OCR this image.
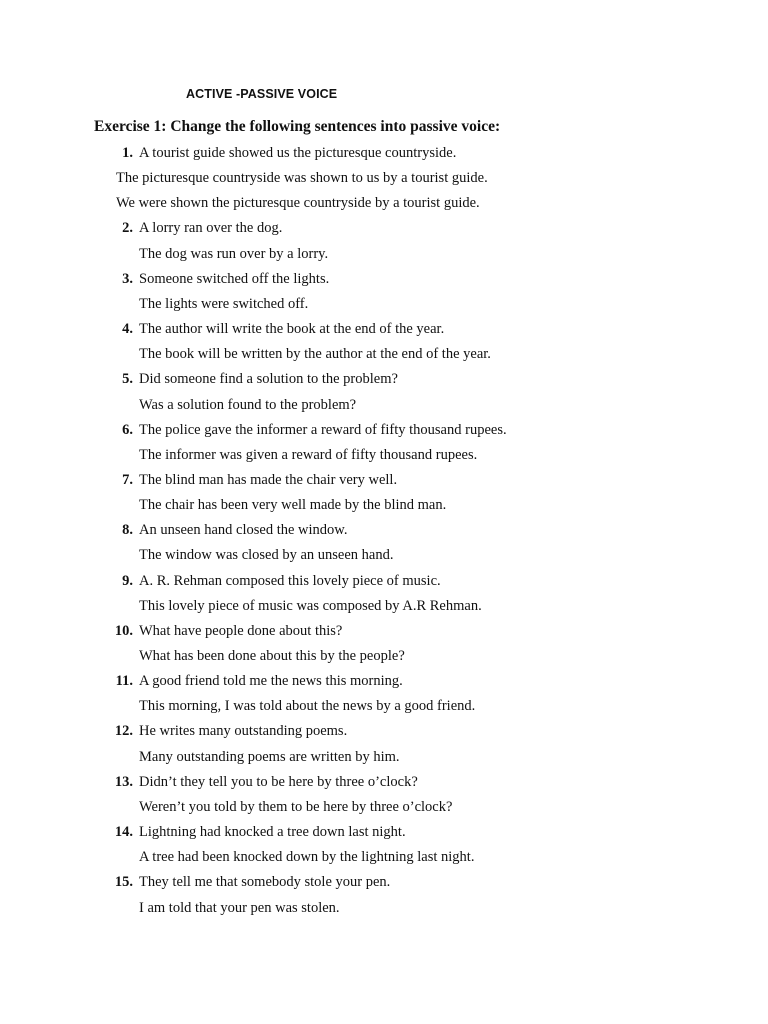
ACTIVE -PASSIVE VOICE
Exercise 1: Change the following sentences into passive voice:
1. A tourist guide showed us the picturesque countryside.
The picturesque countryside was shown to us by a tourist guide.
We were shown the picturesque countryside by a tourist guide.
2. A lorry ran over the dog.
The dog was run over by a lorry.
3. Someone switched off the lights.
The lights were switched off.
4. The author will write the book at the end of the year.
The book will be written by the author at the end of the year.
5. Did someone find a solution to the problem?
Was a solution found to the problem?
6. The police gave the informer a reward of fifty thousand rupees.
The informer was given a reward of fifty thousand rupees.
7. The blind man has made the chair very well.
The chair has been very well made by the blind man.
8. An unseen hand closed the window.
The window was closed by an unseen hand.
9. A. R. Rehman composed this lovely piece of music.
This lovely piece of music was composed by A.R Rehman.
10. What have people done about this?
What has been done about this by the people?
11. A good friend told me the news this morning.
This morning, I was told about the news by a good friend.
12. He writes many outstanding poems.
Many outstanding poems are written by him.
13. Didn’t they tell you to be here by three o’clock?
Weren’t you told by them to be here by three o’clock?
14. Lightning had knocked a tree down last night.
A tree had been knocked down by the lightning last night.
15. They tell me that somebody stole your pen.
I am told that your pen was stolen.
